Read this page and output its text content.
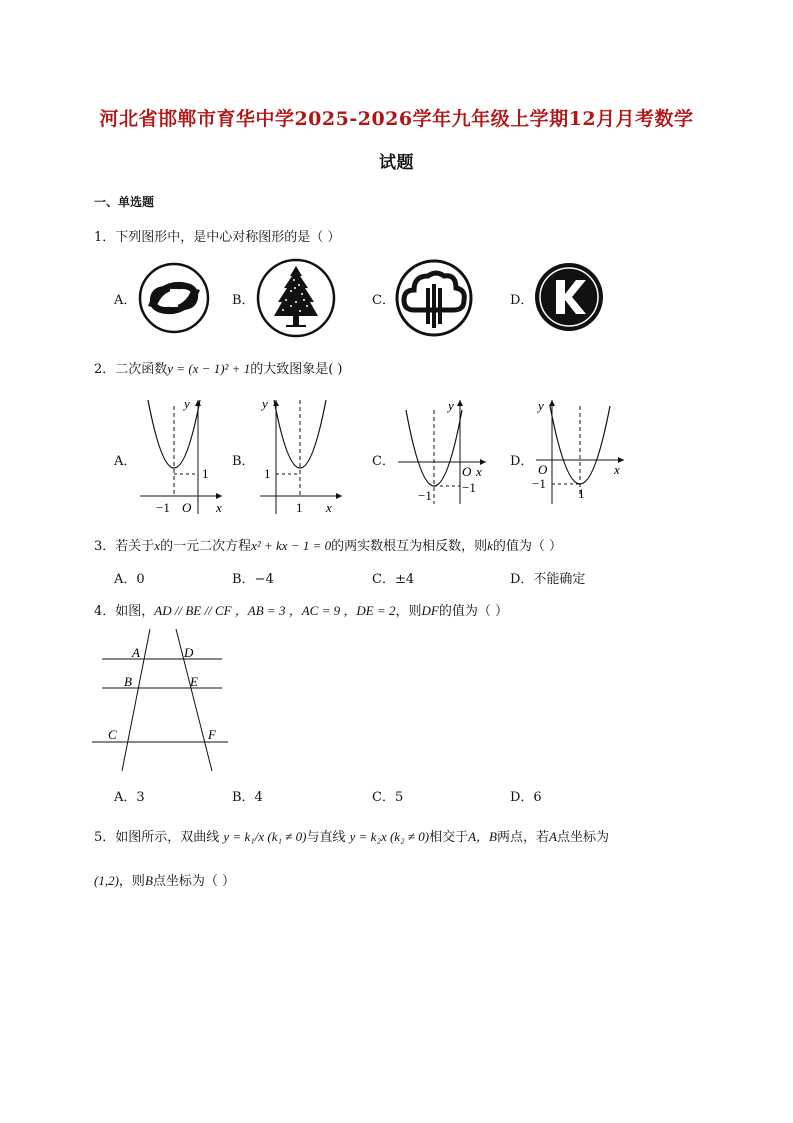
河北省邯郸市育华中学2025-2026学年九年级上学期12月月考数学
试题
一、单选题
1．下列图形中，是中心对称图形的是（ ）
A．	B．	C．	D．
2．二次函数y = (x − 1)² + 1的大致图象是( )
A．
y
x
O
−1
1
B．
y
x
1
1
C．
y
x
O
−1
−1
D．
y
x
O
−1
1
3．若关于x的一元二次方程x² + kx − 1 = 0的两实数根互为相反数，则k的值为（ ）
A．0	B．−4	C．±4	D．不能确定
4．如图，AD // BE // CF ，AB = 3 ，AC = 9 ，DE = 2，则DF的值为（ ）
A	D
B	E
C	F
A．3	B．4	C．5	D．6
5．如图所示，双曲线 y = k₁/x (k₁ ≠ 0)与直线 y = k₂x (k₂ ≠ 0)相交于A，B两点，若A点坐标为
(1,2)，则B点坐标为（ ）
